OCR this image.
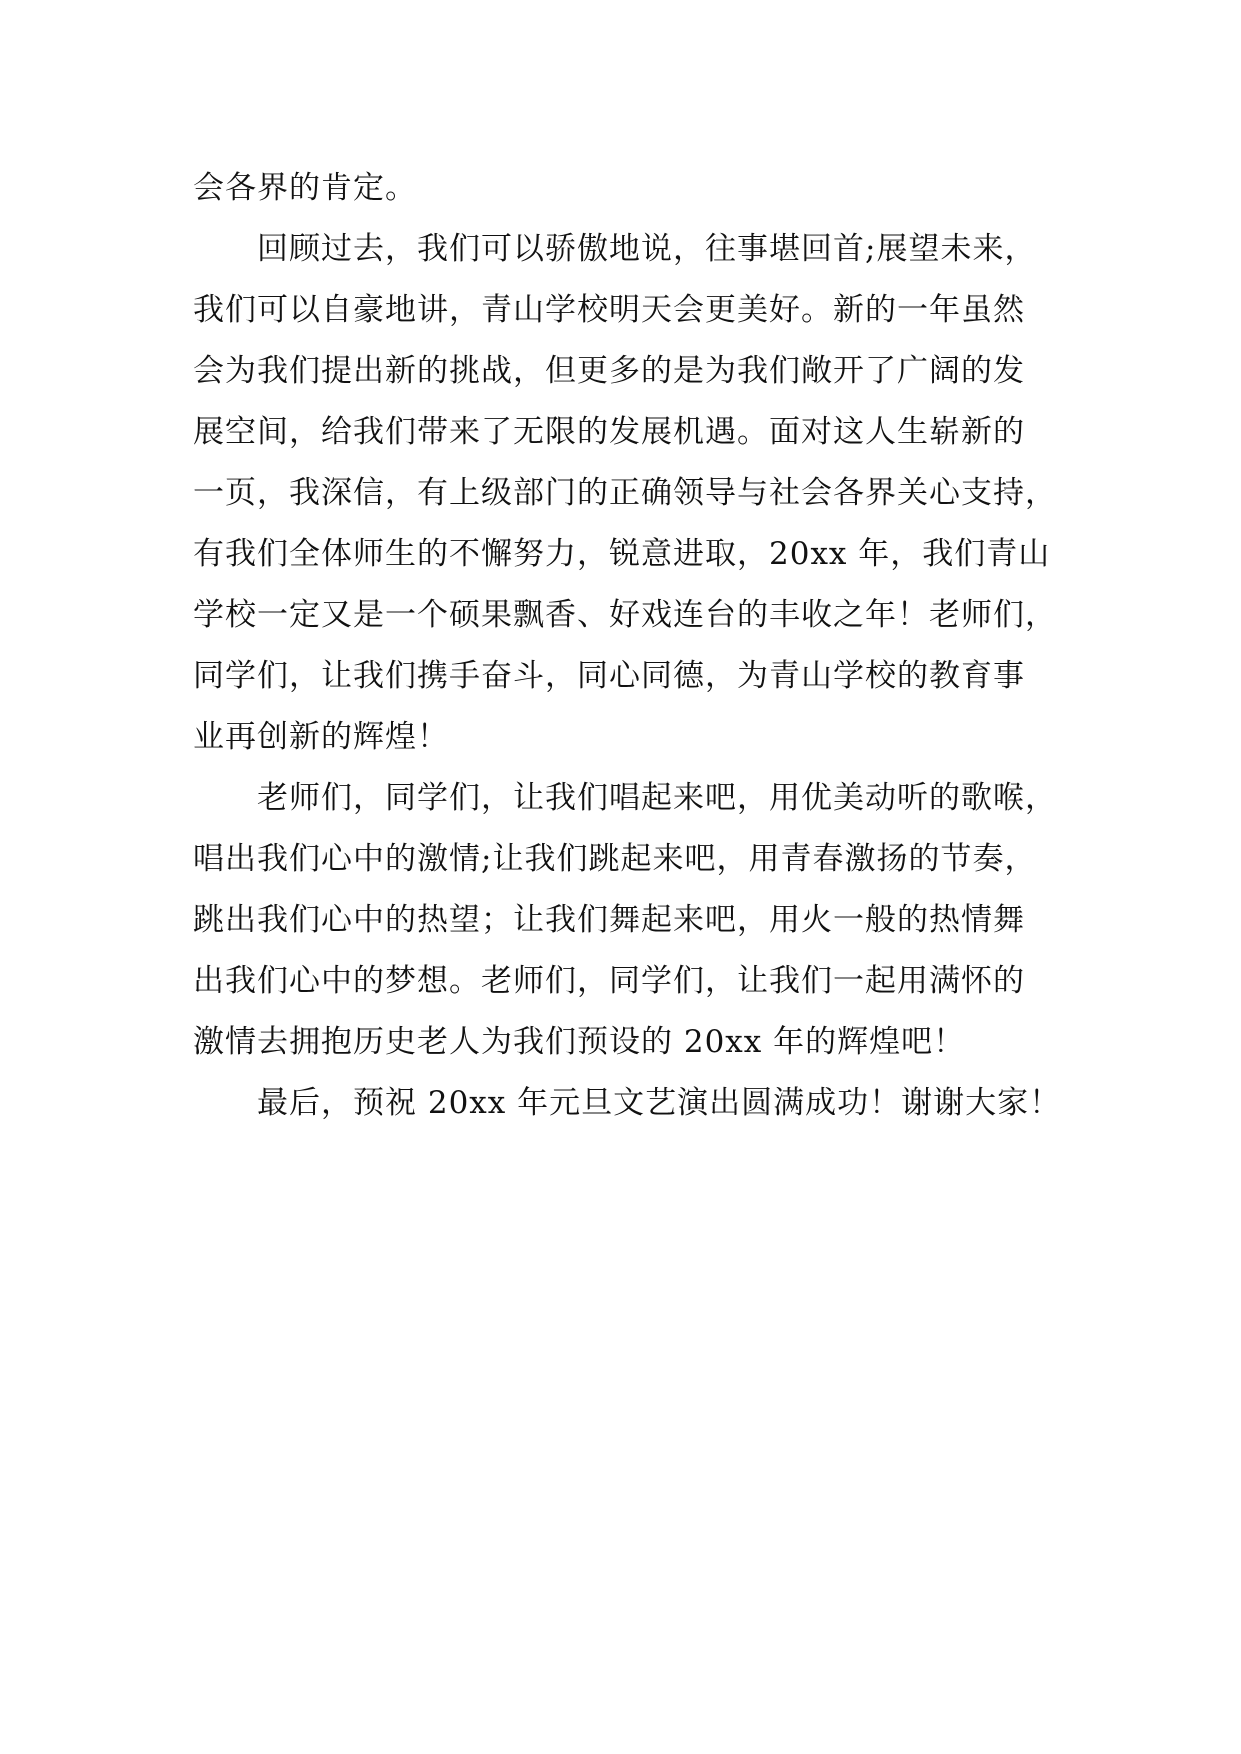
会各界的肯定。
回顾过去，我们可以骄傲地说，往事堪回首;展望未来，
我们可以自豪地讲，青山学校明天会更美好。新的一年虽然
会为我们提出新的挑战，但更多的是为我们敞开了广阔的发
展空间，给我们带来了无限的发展机遇。面对这人生崭新的
一页，我深信，有上级部门的正确领导与社会各界关心支持，
有我们全体师生的不懈努力，锐意进取，20xx 年，我们青山
学校一定又是一个硕果飘香、好戏连台的丰收之年！老师们，
同学们，让我们携手奋斗，同心同德，为青山学校的教育事
业再创新的辉煌！
老师们，同学们，让我们唱起来吧，用优美动听的歌喉，
唱出我们心中的激情;让我们跳起来吧，用青春激扬的节奏，
跳出我们心中的热望；让我们舞起来吧，用火一般的热情舞
出我们心中的梦想。老师们，同学们，让我们一起用满怀的
激情去拥抱历史老人为我们预设的 20xx 年的辉煌吧！
最后，预祝 20xx 年元旦文艺演出圆满成功！谢谢大家！
